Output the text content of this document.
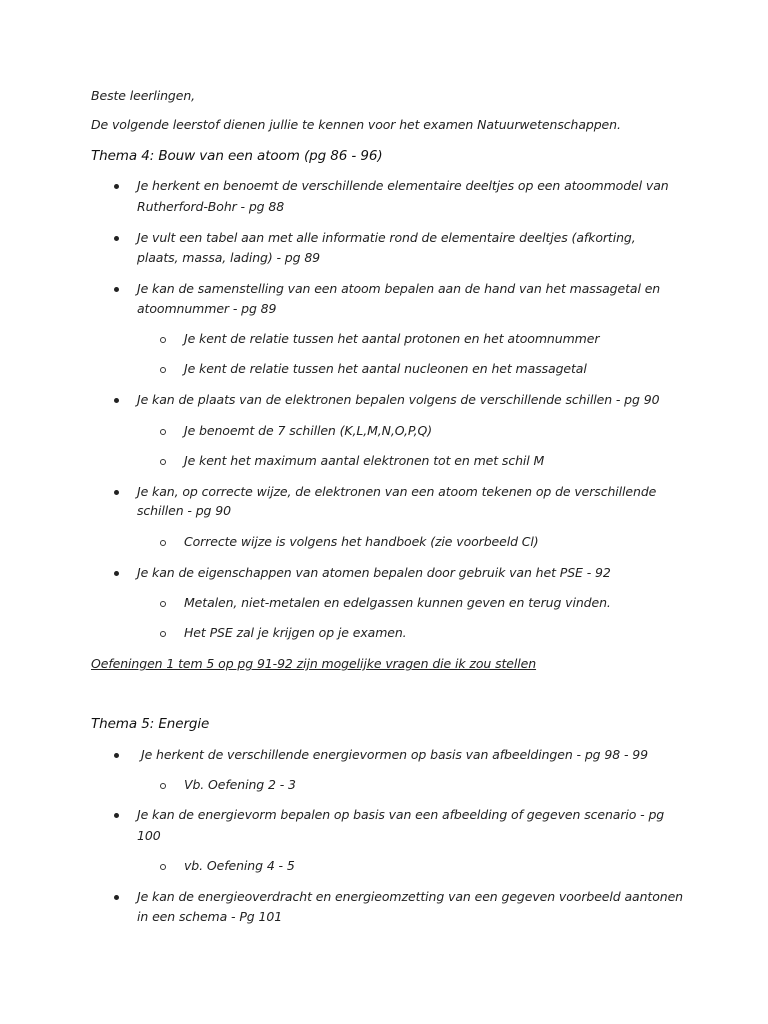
Beste leerlingen,
De volgende leerstof dienen jullie te kennen voor het examen Natuurwetenschappen.
Thema 4: Bouw van een atoom (pg 86 - 96)
Je herkent en benoemt de verschillende elementaire deeltjes op een atoommodel van
Rutherford-Bohr - pg 88
Je vult een tabel aan met alle informatie rond de elementaire deeltjes (afkorting,
plaats, massa, lading) - pg 89
Je kan de samenstelling van een atoom bepalen aan de hand van het massagetal en
atoomnummer - pg 89
Je kent de relatie tussen het aantal protonen en het atoomnummer
Je kent de relatie tussen het aantal nucleonen en het massagetal
Je kan de plaats van de elektronen bepalen volgens de verschillende schillen - pg 90
Je benoemt de 7 schillen (K,L,M,N,O,P,Q)
Je kent het maximum aantal elektronen tot en met schil M
Je kan, op correcte wijze, de elektronen van een atoom tekenen op de verschillende
schillen - pg 90
Correcte wijze is volgens het handboek (zie voorbeeld Cl)
Je kan de eigenschappen van atomen bepalen door gebruik van het PSE - 92
Metalen, niet-metalen en edelgassen kunnen geven en terug vinden.
Het PSE zal je krijgen op je examen.
Oefeningen 1 tem 5 op pg 91-92 zijn mogelijke vragen die ik zou stellen
Thema 5: Energie
Je herkent de verschillende energievormen op basis van afbeeldingen - pg 98 - 99
Vb. Oefening 2 - 3
Je kan de energievorm bepalen op basis van een afbeelding of gegeven scenario - pg
100
vb. Oefening 4 - 5
Je kan de energieoverdracht en energieomzetting van een gegeven voorbeeld aantonen
in een schema - Pg 101
